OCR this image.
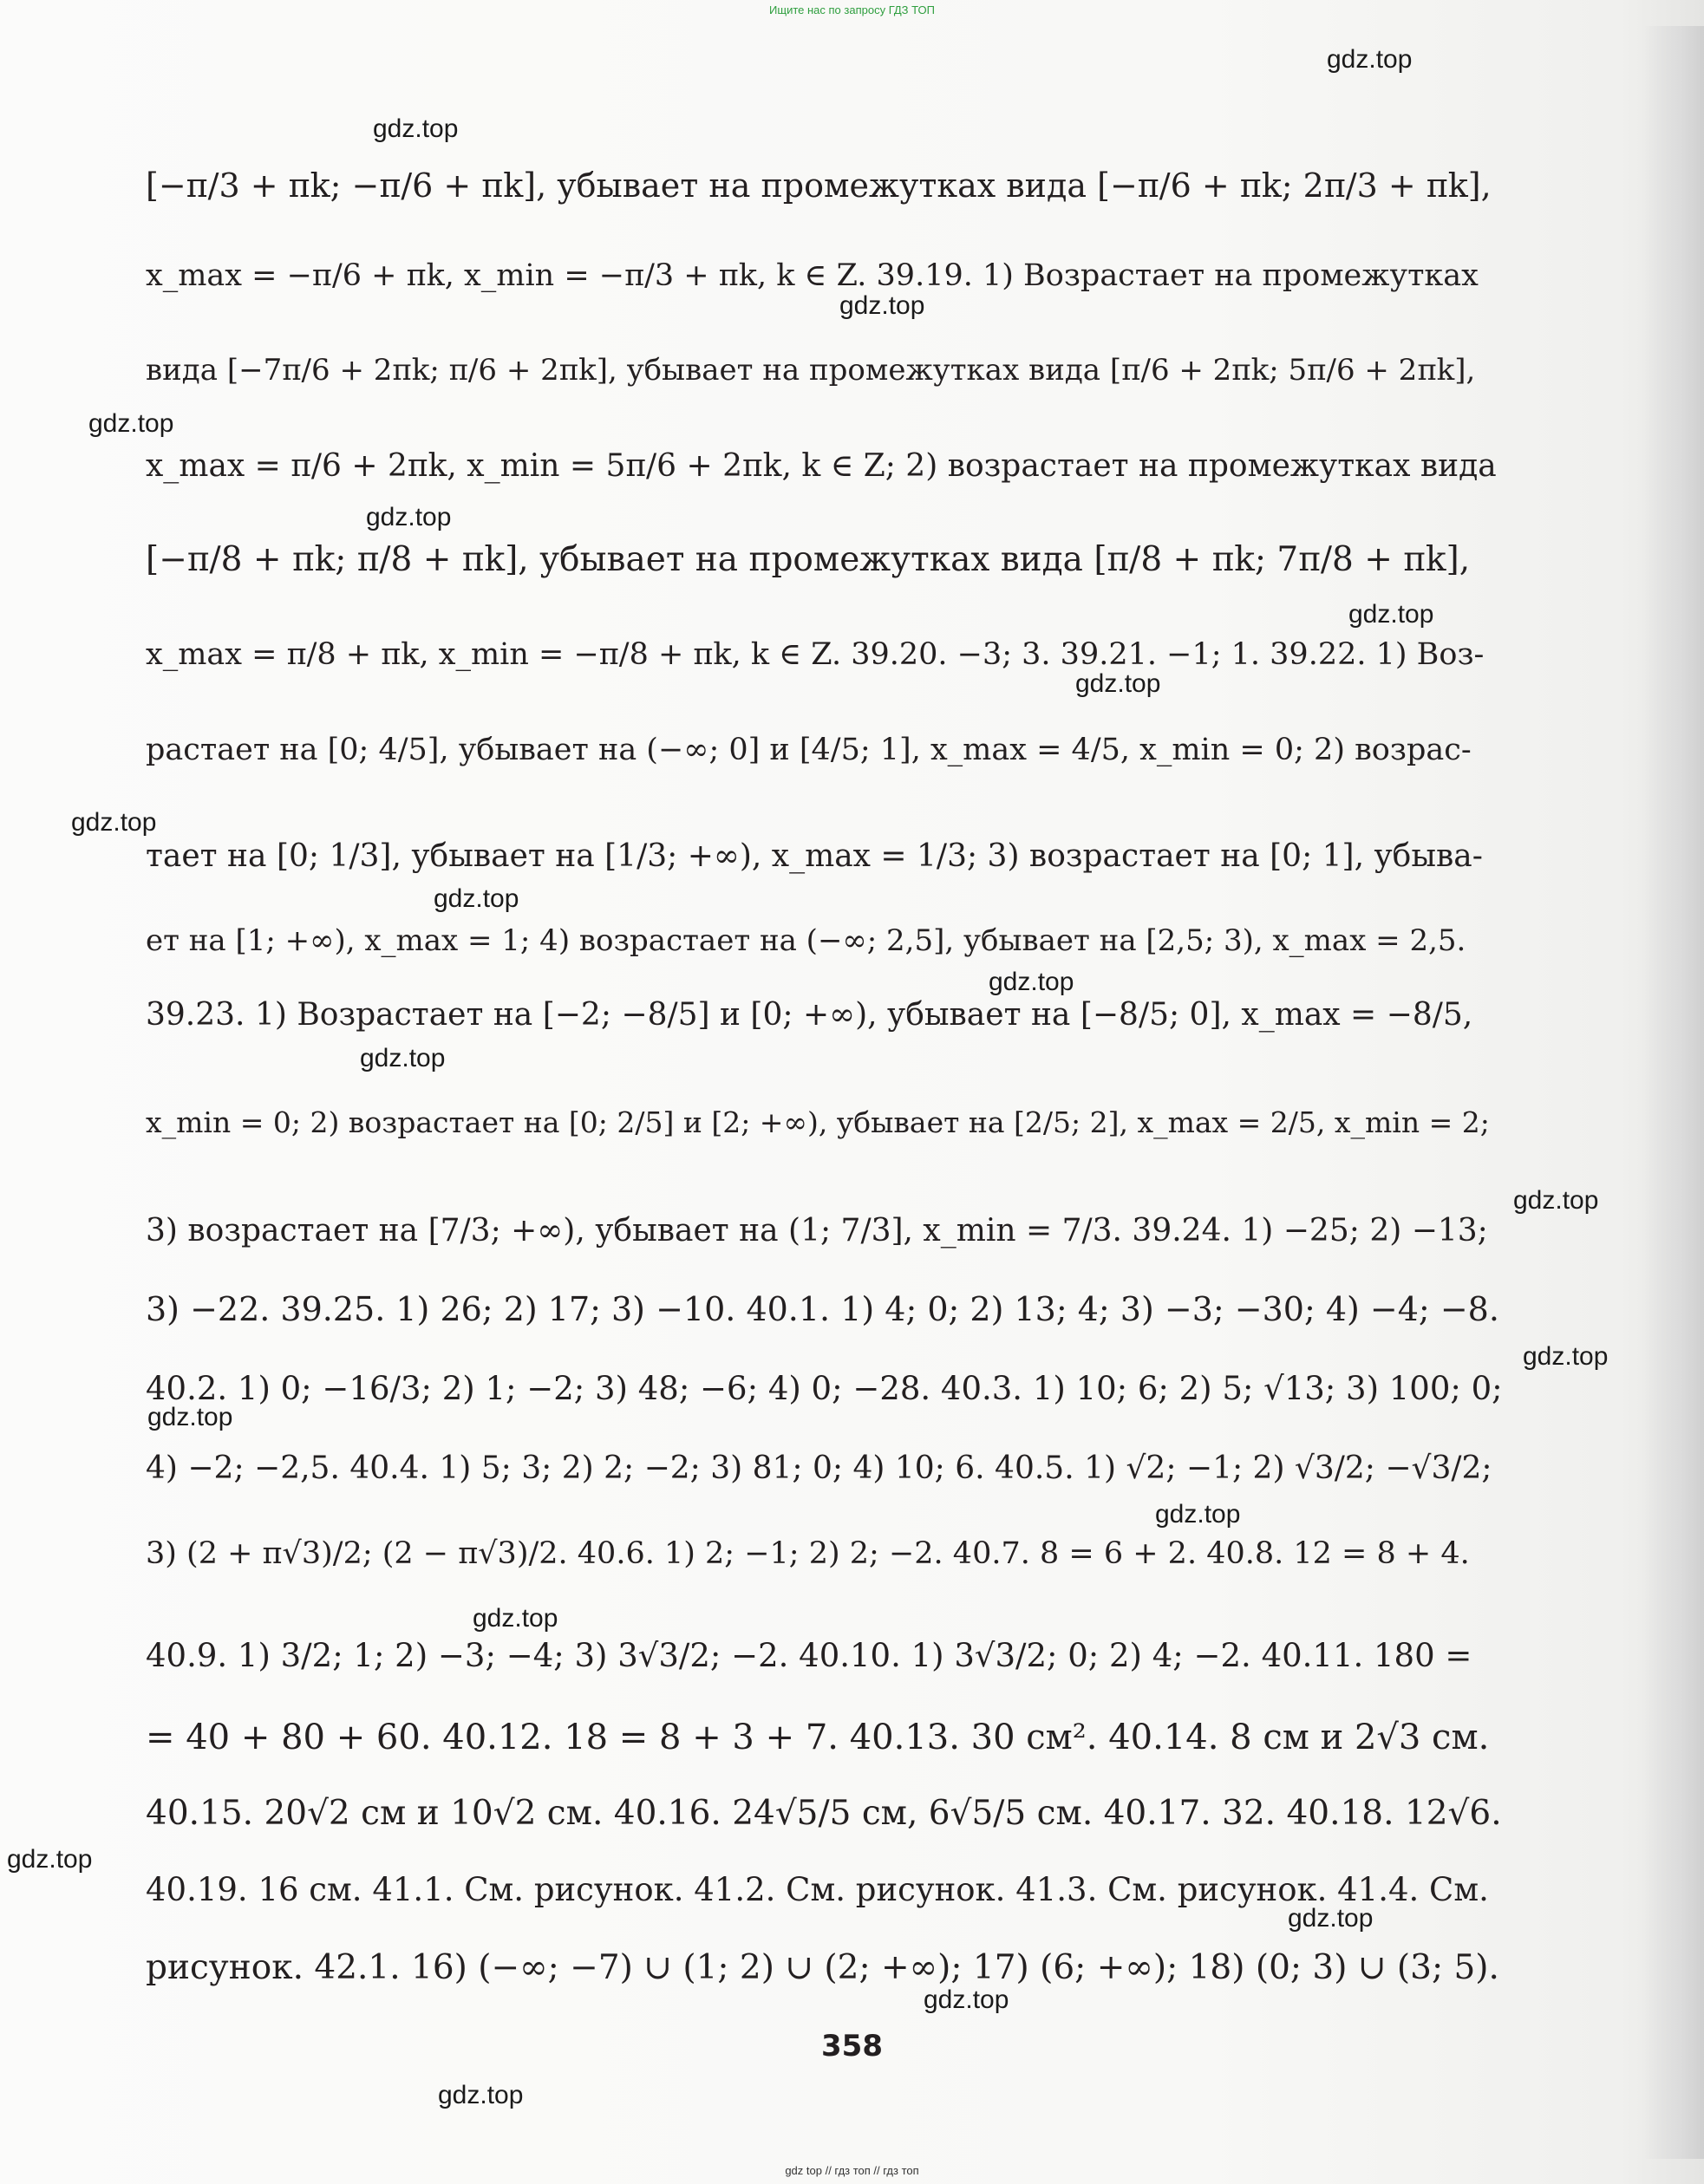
Ищите нас по запросу ГДЗ ТОП
[−π/3 + πk; −π/6 + πk], убывает на промежутках вида [−π/6 + πk; 2π/3 + πk],
x_max = −π/6 + πk, x_min = −π/3 + πk, k ∈ Z. 39.19. 1) Возрастает на промежутках
вида [−7π/6 + 2πk; π/6 + 2πk], убывает на промежутках вида [π/6 + 2πk; 5π/6 + 2πk],
x_max = π/6 + 2πk, x_min = 5π/6 + 2πk, k ∈ Z; 2) возрастает на промежутках вида
[−π/8 + πk; π/8 + πk], убывает на промежутках вида [π/8 + πk; 7π/8 + πk],
x_max = π/8 + πk, x_min = −π/8 + πk, k ∈ Z. 39.20. −3; 3. 39.21. −1; 1. 39.22. 1) Воз-
растает на [0; 4/5], убывает на (−∞; 0] и [4/5; 1], x_max = 4/5, x_min = 0; 2) возрас-
тает на [0; 1/3], убывает на [1/3; +∞), x_max = 1/3; 3) возрастает на [0; 1], убыва-
ет на [1; +∞), x_max = 1; 4) возрастает на (−∞; 2,5], убывает на [2,5; 3), x_max = 2,5.
39.23. 1) Возрастает на [−2; −8/5] и [0; +∞), убывает на [−8/5; 0], x_max = −8/5,
x_min = 0; 2) возрастает на [0; 2/5] и [2; +∞), убывает на [2/5; 2], x_max = 2/5, x_min = 2;
3) возрастает на [7/3; +∞), убывает на (1; 7/3], x_min = 7/3. 39.24. 1) −25; 2) −13;
3) −22. 39.25. 1) 26; 2) 17; 3) −10. 40.1. 1) 4; 0; 2) 13; 4; 3) −3; −30; 4) −4; −8.
40.2. 1) 0; −16/3; 2) 1; −2; 3) 48; −6; 4) 0; −28. 40.3. 1) 10; 6; 2) 5; √13; 3) 100; 0;
4) −2; −2,5. 40.4. 1) 5; 3; 2) 2; −2; 3) 81; 0; 4) 10; 6. 40.5. 1) √2; −1; 2) √3/2; −√3/2;
3) (2 + π√3)/2; (2 − π√3)/2. 40.6. 1) 2; −1; 2) 2; −2. 40.7. 8 = 6 + 2. 40.8. 12 = 8 + 4.
40.9. 1) 3/2; 1; 2) −3; −4; 3) 3√3/2; −2. 40.10. 1) 3√3/2; 0; 2) 4; −2. 40.11. 180 =
= 40 + 80 + 60. 40.12. 18 = 8 + 3 + 7. 40.13. 30 см². 40.14. 8 см и 2√3 см.
40.15. 20√2 см и 10√2 см. 40.16. 24√5/5 см, 6√5/5 см. 40.17. 32. 40.18. 12√6.
40.19. 16 см. 41.1. См. рисунок. 41.2. См. рисунок. 41.3. См. рисунок. 41.4. См.
рисунок. 42.1. 16) (−∞; −7) ∪ (1; 2) ∪ (2; +∞); 17) (6; +∞); 18) (0; 3) ∪ (3; 5).
358
gdz.top
gdz.top
gdz.top
gdz.top
gdz.top
gdz.top
gdz.top
gdz.top
gdz.top
gdz.top
gdz.top
gdz.top
gdz.top
gdz.top
gdz.top
gdz.top
gdz.top
gdz.top
gdz.top
gdz.top
gdz top // гдз топ // гдз топ
